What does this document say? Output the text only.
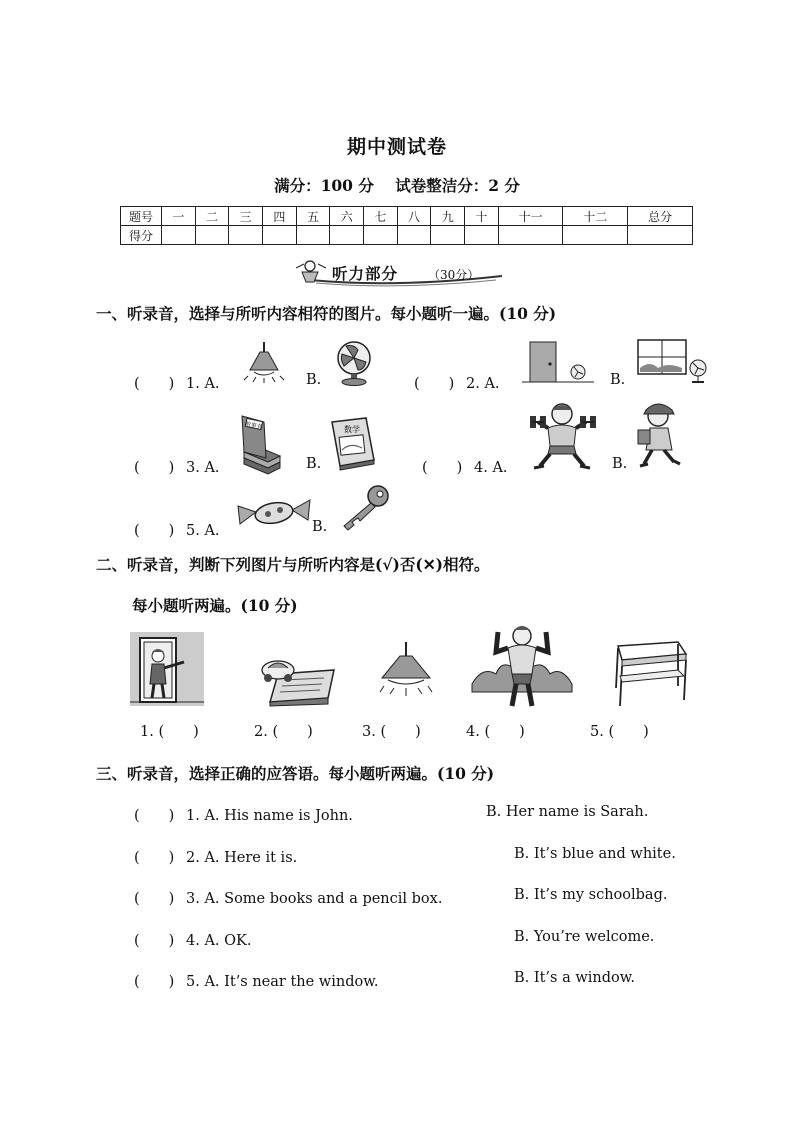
期中测试卷
满分：100 分 试卷整洁分：2 分
题号	一	二	三	四	五	六	七	八	九	十	十一	十二	总分
得分													
听力部分 （30分）
一、听录音，选择与所听内容相符的图片。每小题听一遍。(10 分)
(　　) 1. A.	B.	(　　) 2. A.	B.
(　　) 3. A.
故事书
B.
数学
(　　) 4. A.	B.
(　　) 5. A.	B.
二、听录音，判断下列图片与所听内容是(√)否(✕)相符。
每小题听两遍。(10 分)
1. (　　)	2. (　　)	3. (　　)	4. (　　)	5. (　　)
三、听录音，选择正确的应答语。每小题听两遍。(10 分)
(　　) 1. A. His name is John.	B. Her name is Sarah.
(　　) 2. A. Here it is.	B. It’s blue and white.
(　　) 3. A. Some books and a pencil box.	B. It’s my schoolbag.
(　　) 4. A. OK.	B. You’re welcome.
(　　) 5. A. It’s near the window.	B. It’s a window.
